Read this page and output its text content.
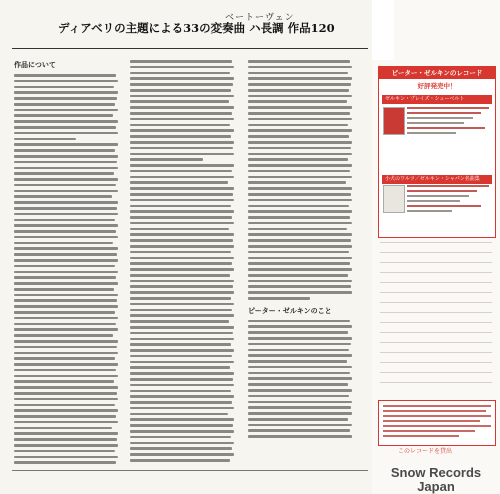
ベートーヴェン
ディアベリの主題による33の変奏曲 ハ長調 作品120
作品について
ピーター・ゼルキンのこと
ピーター・ゼルキンのレコード
好評発売中！
ゼルキン・プレイズ・シューベルト
小犬のワルツ／ゼルキン・シャパン名曲集
このレコードを貸出
Snow Records Japan
